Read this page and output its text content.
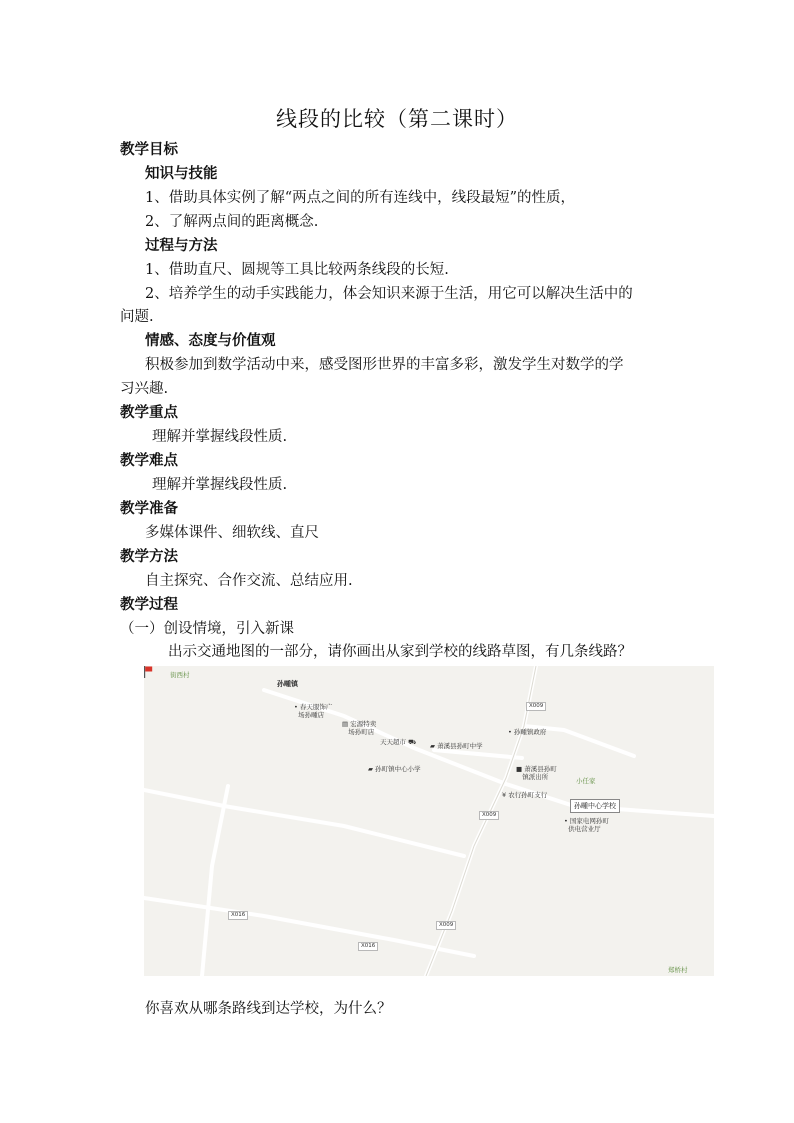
线段的比较（第二课时）
教学目标
知识与技能
1、借助具体实例了解“两点之间的所有连线中，线段最短”的性质，
2、了解两点间的距离概念.
过程与方法
1、借助直尺、圆规等工具比较两条线段的长短.
2、培养学生的动手实践能力，体会知识来源于生活，用它可以解决生活中的
问题.
情感、态度与价值观
积极参加到数学活动中来，感受图形世界的丰富多彩，激发学生对数学的学
习兴趣.
教学重点
理解并掌握线段性质.
教学难点
理解并掌握线段性质.
教学准备
多媒体课件、细软线、直尺
教学方法
自主探究、合作交流、总结应用.
教学过程
（一）创设情境，引入新课
出示交通地图的一部分，请你画出从家到学校的线路草图，有几条线路？
街西村
孙畽镇
• 春天服饰广
场孙畽店
▤ 宏源特卖
场孙町店
天天超市 ⛟ ▰ 萧溪县孙町中学
• 孙畽镇政府
▰ 孙町镇中心小学	■ 萧溪县孙町
镇派出所	小任家
¥ 农行孙町支行
孙畽中心学校
• 国家电网孙町
供电营业厅
郑桥村
X009
X009
X009
X016
X016
你喜欢从哪条路线到达学校，为什么？
